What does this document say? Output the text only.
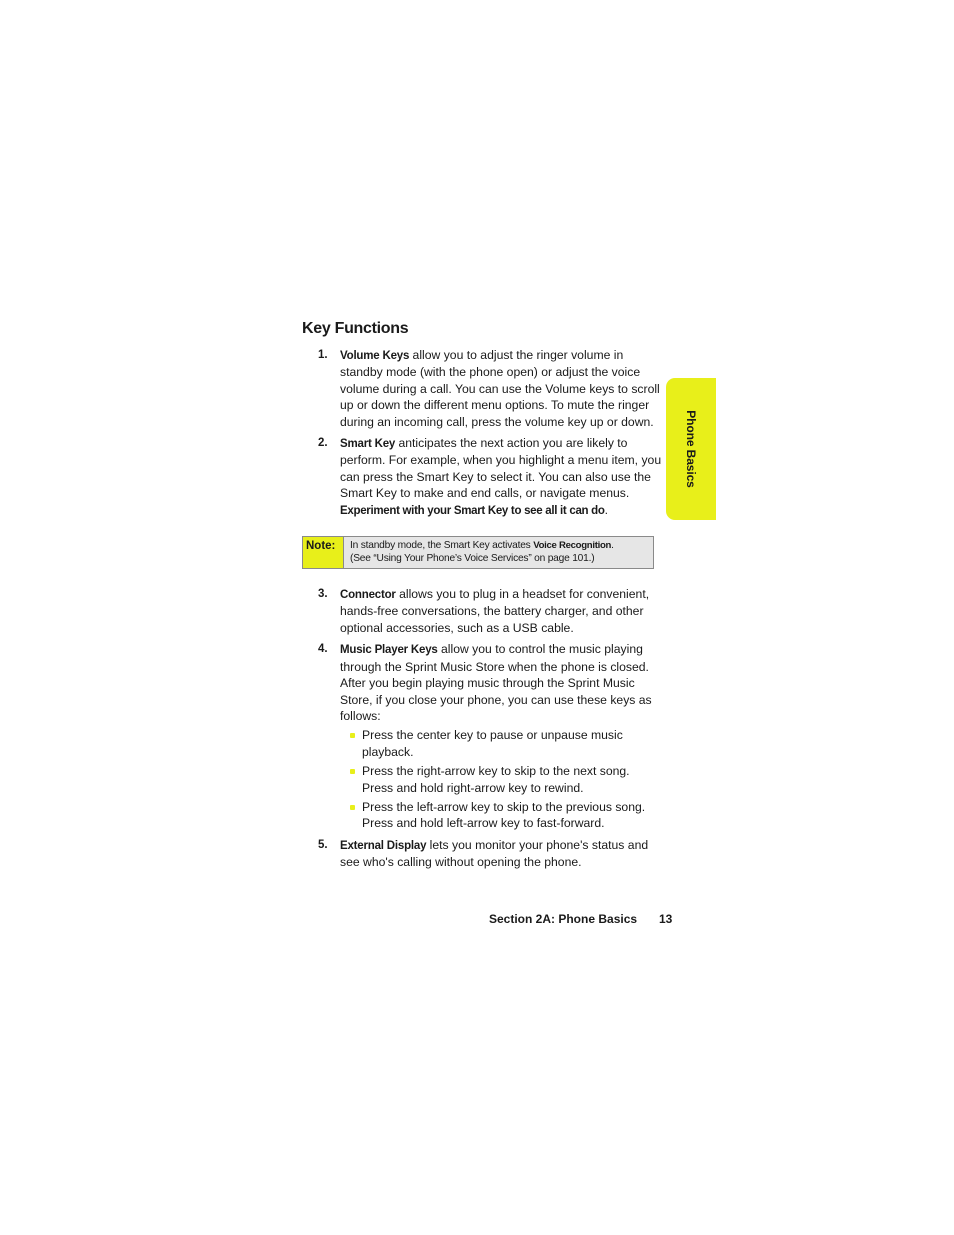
Phone Basics
Key Functions
1. Volume Keys allow you to adjust the ringer volume in standby mode (with the phone open) or adjust the voice volume during a call. You can use the Volume keys to scroll up or down the different menu options. To mute the ringer during an incoming call, press the volume key up or down.
2. Smart Key anticipates the next action you are likely to perform. For example, when you highlight a menu item, you can press the Smart Key to select it. You can also use the Smart Key to make and end calls, or navigate menus. Experiment with your Smart Key to see all it can do.
Note:	In standby mode, the Smart Key activates Voice Recognition.
(See “Using Your Phone’s Voice Services” on page 101.)
3. Connector allows you to plug in a headset for convenient, hands-free conversations, the battery charger, and other optional accessories, such as a USB cable.
4. Music Player Keys allow you to control the music playing through the Sprint Music Store when the phone is closed. After you begin playing music through the Sprint Music Store, if you close your phone, you can use these keys as follows:
Press the center key to pause or unpause music playback.
Press the right-arrow key to skip to the next song. Press and hold right-arrow key to rewind.
Press the left-arrow key to skip to the previous song. Press and hold left-arrow key to fast-forward.
5. External Display lets you monitor your phone's status and see who's calling without opening the phone.
Section 2A: Phone Basics	13
